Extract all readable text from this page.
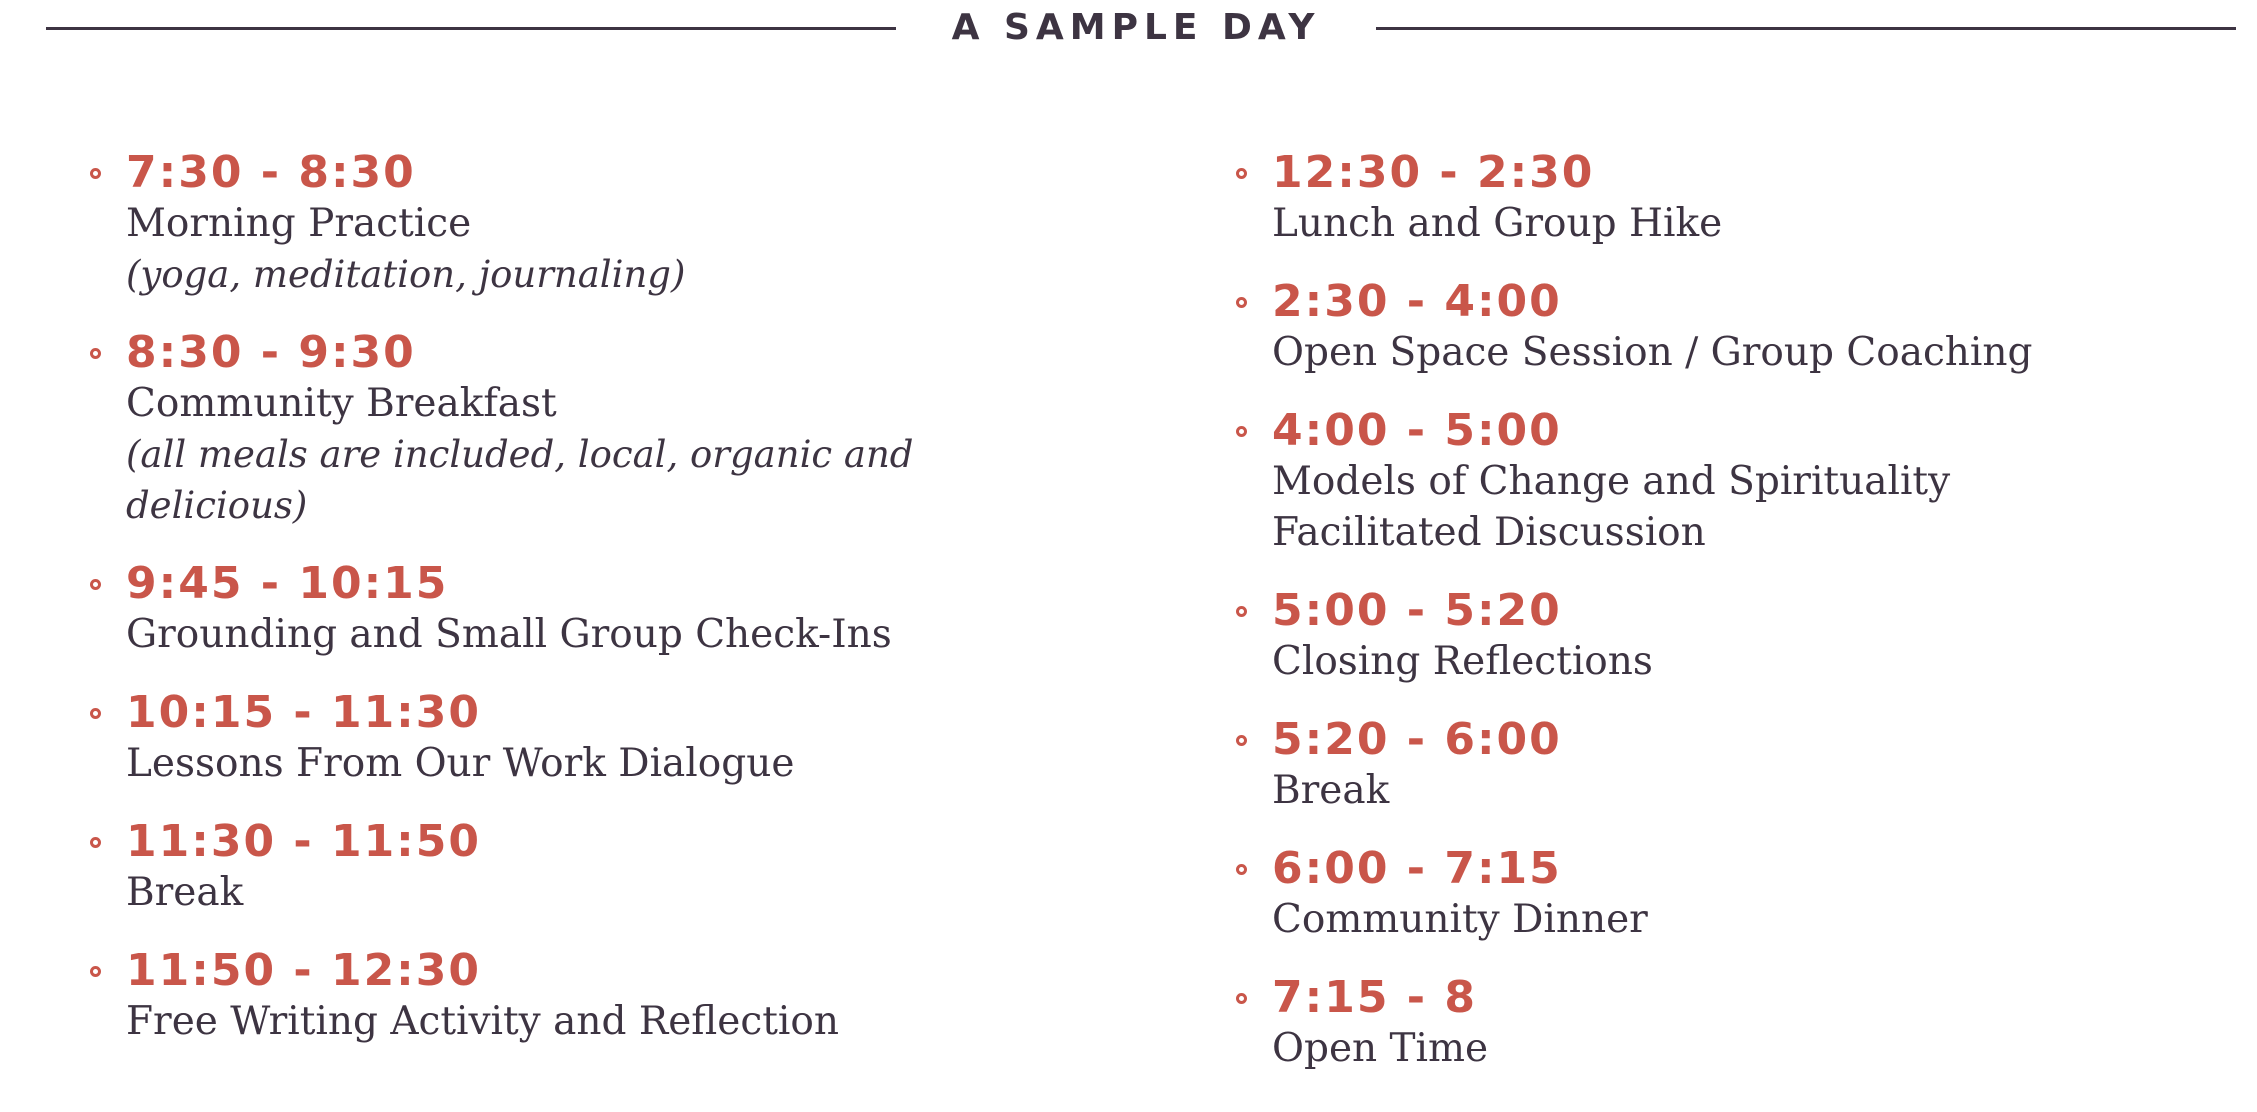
A SAMPLE DAY
7:30 - 8:30
Morning Practice
(yoga, meditation, journaling)
8:30 - 9:30
Community Breakfast
(all meals are included, local, organic and delicious)
9:45 - 10:15
Grounding and Small Group Check-Ins
10:15 - 11:30
Lessons From Our Work Dialogue
11:30 - 11:50
Break
11:50 - 12:30
Free Writing Activity and Reflection
12:30 - 2:30
Lunch and Group Hike
2:30 - 4:00
Open Space Session / Group Coaching
4:00 - 5:00
Models of Change and Spirituality
Facilitated Discussion
5:00 - 5:20
Closing Reflections
5:20 - 6:00
Break
6:00 - 7:15
Community Dinner
7:15 - 8
Open Time
